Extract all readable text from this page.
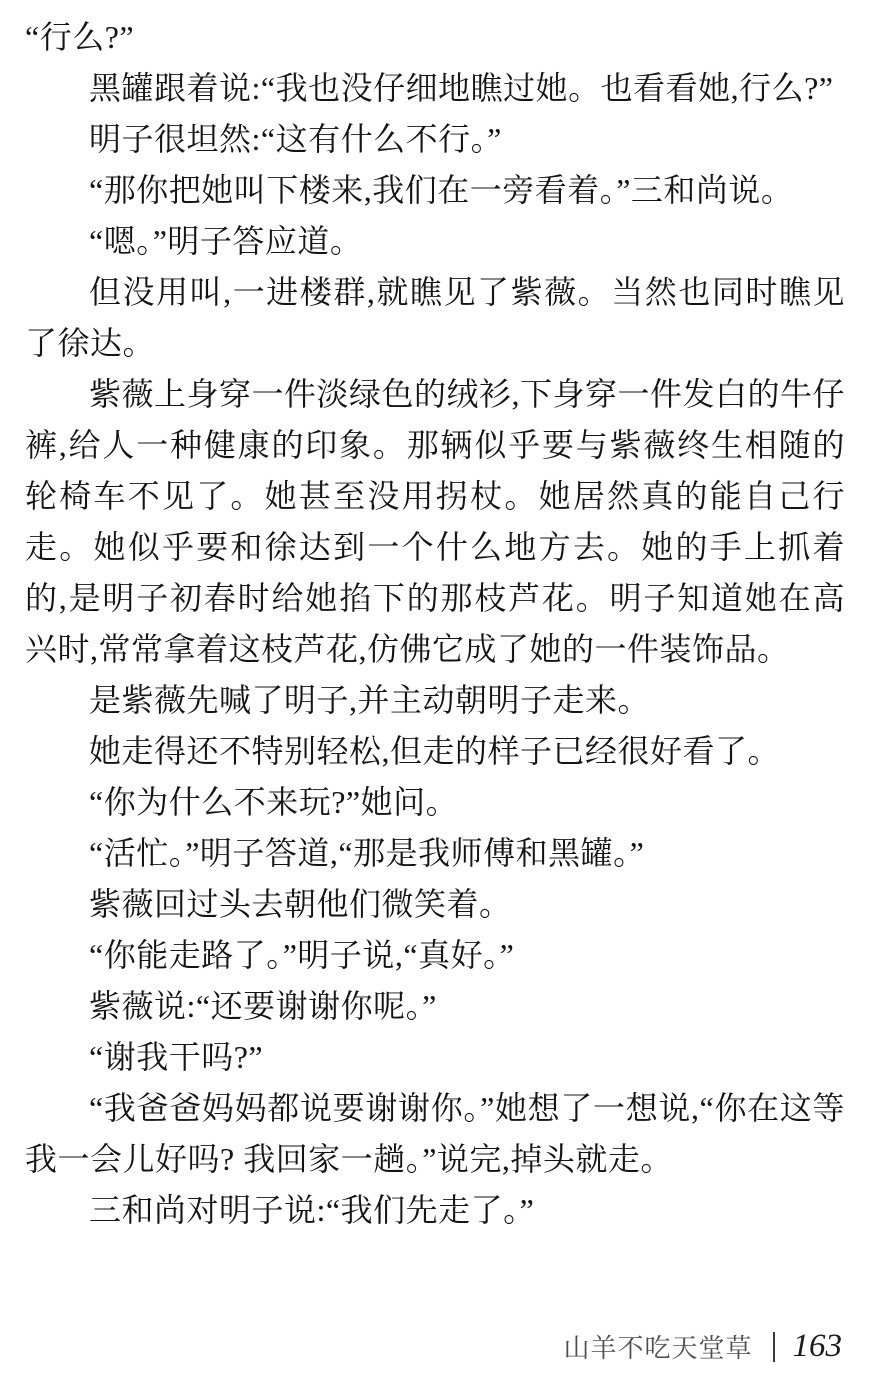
“行么?”

黑罐跟着说:“我也没仔细地瞧过她。也看看她,行么?”

明子很坦然:“这有什么不行。”

“那你把她叫下楼来,我们在一旁看着。”三和尚说。

“嗯。”明子答应道。

但没用叫,一进楼群,就瞧见了紫薇。当然也同时瞧见了徐达。

紫薇上身穿一件淡绿色的绒衫,下身穿一件发白的牛仔裤,给人一种健康的印象。那辆似乎要与紫薇终生相随的轮椅车不见了。她甚至没用拐杖。她居然真的能自己行走。她似乎要和徐达到一个什么地方去。她的手上抓着的,是明子初春时给她掐下的那枝芦花。明子知道她在高兴时,常常拿着这枝芦花,仿佛它成了她的一件装饰品。

是紫薇先喊了明子,并主动朝明子走来。

她走得还不特别轻松,但走的样子已经很好看了。

“你为什么不来玩?”她问。

“活忙。”明子答道,“那是我师傅和黑罐。”

紫薇回过头去朝他们微笑着。

“你能走路了。”明子说,“真好。”

紫薇说:“还要谢谢你呢。”

“谢我干吗?”

“我爸爸妈妈都说要谢谢你。”她想了一想说,“你在这等我一会儿好吗? 我回家一趟。”说完,掉头就走。

三和尚对明子说:“我们先走了。”

山羊不吃天堂草 163
